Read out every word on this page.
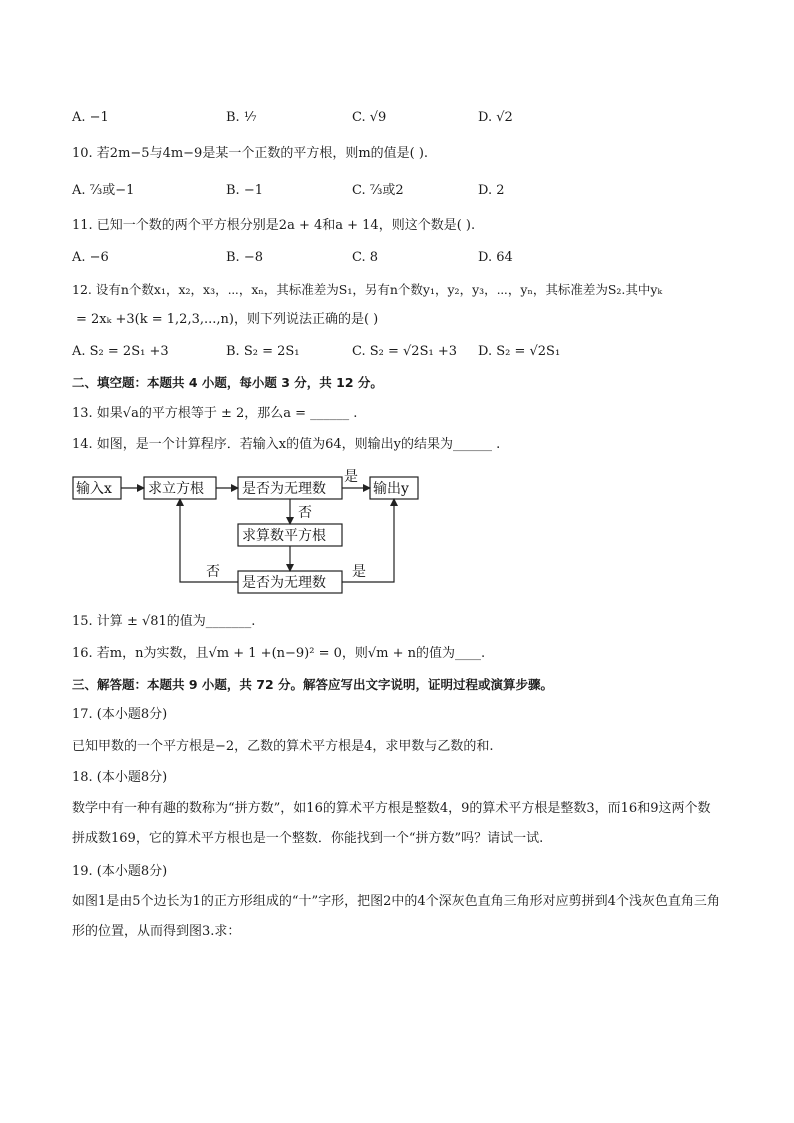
A. −1	B. ¹⁄₇	C. √9	D. √2
10. 若2m−5与4m−9是某一个正数的平方根，则m的值是( ).
A. ⁷⁄₃或−1	B. −1	C. ⁷⁄₃或2	D. 2
11. 已知一个数的两个平方根分别是2a + 4和a + 14，则这个数是( ).
A. −6	B. −8	C. 8	D. 64
12. 设有n个数x₁，x₂，x₃，⋯，xₙ，其标准差为S₁，另有n个数y₁，y₂，y₃，⋯，yₙ，其标准差为S₂.其中yₖ
= 2xₖ +3(k = 1,2,3,...,n)，则下列说法正确的是( )
A. S₂ = 2S₁ +3	B. S₂ = 2S₁	C. S₂ = √2S₁ +3 D. S₂ = √2S₁
二、填空题：本题共 4 小题，每小题 3 分，共 12 分。
13. 如果√a的平方根等于 ± 2，那么a = ______ .
14. 如图，是一个计算程序．若输入x的值为64，则输出y的结果为______ .
输入x	求立方根	是否为无理数	输出y
是
否
求算数平方根
是否为无理数
否	是
15. 计算 ± √81的值为_______.
16. 若m，n为实数，且√m + 1 +(n−9)² = 0，则√m + n的值为____.
三、解答题：本题共 9 小题，共 72 分。解答应写出文字说明，证明过程或演算步骤。
17. (本小题8分)
已知甲数的一个平方根是−2，乙数的算术平方根是4，求甲数与乙数的和.
18. (本小题8分)
数学中有一种有趣的数称为“拼方数”，如16的算术平方根是整数4，9的算术平方根是整数3，而16和9这两个数拼成数169，它的算术平方根也是一个整数．你能找到一个“拼方数”吗？请试一试.
19. (本小题8分)
如图1是由5个边长为1的正方形组成的“十”字形，把图2中的4个深灰色直角三角形对应剪拼到4个浅灰色直角三角形的位置，从而得到图3.求：
